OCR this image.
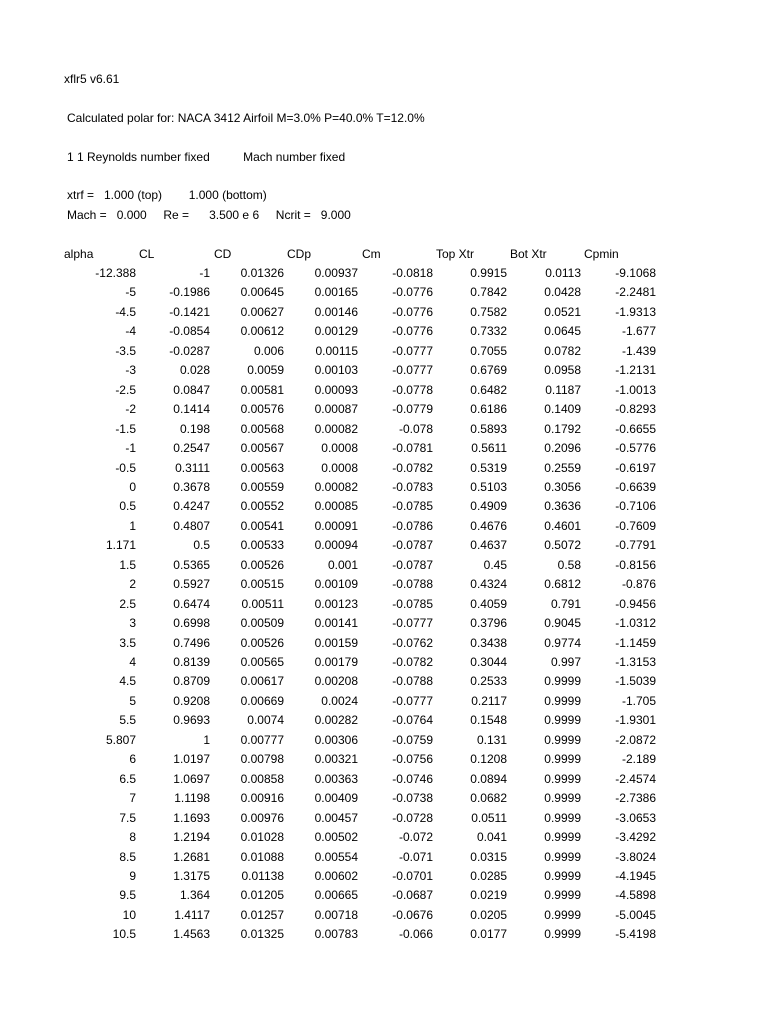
xflr5 v6.61
Calculated polar for: NACA 3412 Airfoil M=3.0% P=40.0% T=12.0%
1 1 Reynolds number fixed          Mach number fixed
xtrf =   1.000 (top)        1.000 (bottom)
Mach =   0.000     Re =      3.500 e 6     Ncrit =   9.000
alpha	CL	CD	CDp	Cm	Top Xtr	Bot Xtr	Cpmin
-12.388	-1	0.01326	0.00937	-0.0818	0.9915	0.0113	-9.1068
-5	-0.1986	0.00645	0.00165	-0.0776	0.7842	0.0428	-2.2481
-4.5	-0.1421	0.00627	0.00146	-0.0776	0.7582	0.0521	-1.9313
-4	-0.0854	0.00612	0.00129	-0.0776	0.7332	0.0645	-1.677
-3.5	-0.0287	0.006	0.00115	-0.0777	0.7055	0.0782	-1.439
-3	0.028	0.0059	0.00103	-0.0777	0.6769	0.0958	-1.2131
-2.5	0.0847	0.00581	0.00093	-0.0778	0.6482	0.1187	-1.0013
-2	0.1414	0.00576	0.00087	-0.0779	0.6186	0.1409	-0.8293
-1.5	0.198	0.00568	0.00082	-0.078	0.5893	0.1792	-0.6655
-1	0.2547	0.00567	0.0008	-0.0781	0.5611	0.2096	-0.5776
-0.5	0.3111	0.00563	0.0008	-0.0782	0.5319	0.2559	-0.6197
0	0.3678	0.00559	0.00082	-0.0783	0.5103	0.3056	-0.6639
0.5	0.4247	0.00552	0.00085	-0.0785	0.4909	0.3636	-0.7106
1	0.4807	0.00541	0.00091	-0.0786	0.4676	0.4601	-0.7609
1.171	0.5	0.00533	0.00094	-0.0787	0.4637	0.5072	-0.7791
1.5	0.5365	0.00526	0.001	-0.0787	0.45	0.58	-0.8156
2	0.5927	0.00515	0.00109	-0.0788	0.4324	0.6812	-0.876
2.5	0.6474	0.00511	0.00123	-0.0785	0.4059	0.791	-0.9456
3	0.6998	0.00509	0.00141	-0.0777	0.3796	0.9045	-1.0312
3.5	0.7496	0.00526	0.00159	-0.0762	0.3438	0.9774	-1.1459
4	0.8139	0.00565	0.00179	-0.0782	0.3044	0.997	-1.3153
4.5	0.8709	0.00617	0.00208	-0.0788	0.2533	0.9999	-1.5039
5	0.9208	0.00669	0.0024	-0.0777	0.2117	0.9999	-1.705
5.5	0.9693	0.0074	0.00282	-0.0764	0.1548	0.9999	-1.9301
5.807	1	0.00777	0.00306	-0.0759	0.131	0.9999	-2.0872
6	1.0197	0.00798	0.00321	-0.0756	0.1208	0.9999	-2.189
6.5	1.0697	0.00858	0.00363	-0.0746	0.0894	0.9999	-2.4574
7	1.1198	0.00916	0.00409	-0.0738	0.0682	0.9999	-2.7386
7.5	1.1693	0.00976	0.00457	-0.0728	0.0511	0.9999	-3.0653
8	1.2194	0.01028	0.00502	-0.072	0.041	0.9999	-3.4292
8.5	1.2681	0.01088	0.00554	-0.071	0.0315	0.9999	-3.8024
9	1.3175	0.01138	0.00602	-0.0701	0.0285	0.9999	-4.1945
9.5	1.364	0.01205	0.00665	-0.0687	0.0219	0.9999	-4.5898
10	1.4117	0.01257	0.00718	-0.0676	0.0205	0.9999	-5.0045
10.5	1.4563	0.01325	0.00783	-0.066	0.0177	0.9999	-5.4198
